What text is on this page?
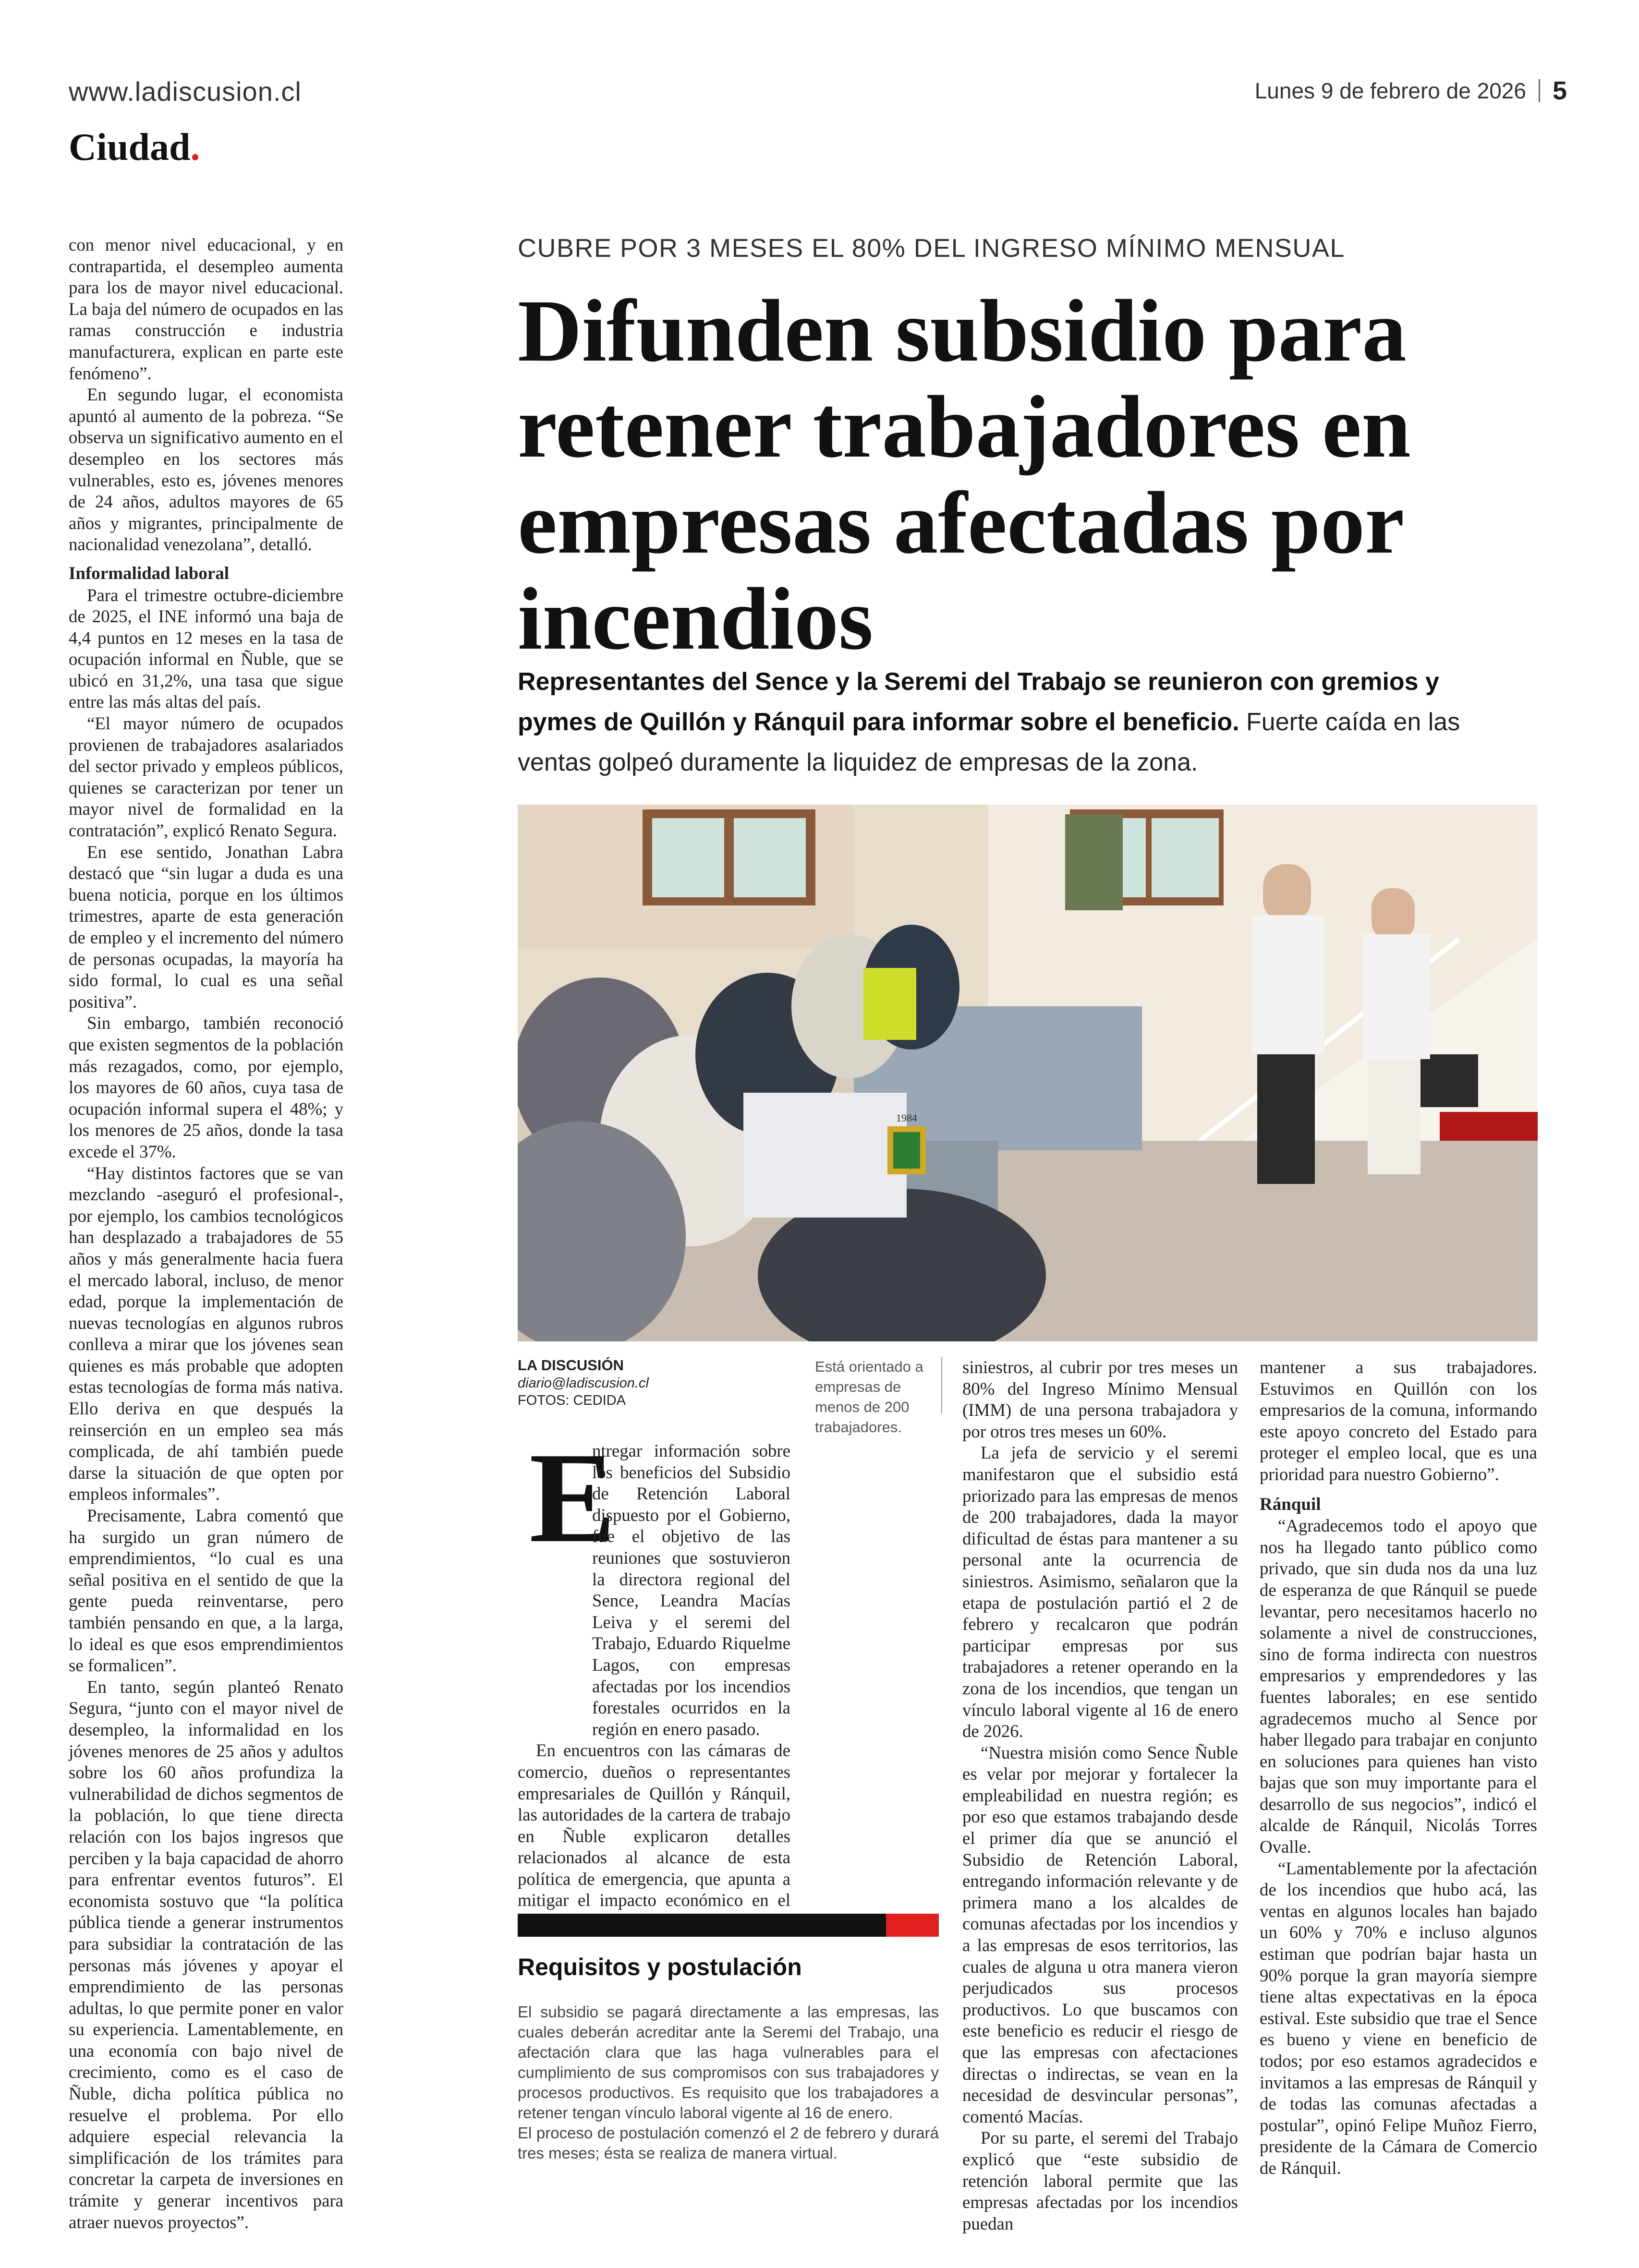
www.ladiscusion.cl	Lunes 9 de febrero de 2026 5
Ciudad.

con menor nivel educacional, y en contrapartida, el desempleo aumenta para los de mayor nivel educacional. La baja del número de ocupados en las ramas construcción e industria manufacturera, explican en parte este fenómeno”.

En segundo lugar, el economista apuntó al aumento de la pobreza. “Se observa un significativo aumento en el desempleo en los sectores más vulnerables, esto es, jóvenes menores de 24 años, adultos mayores de 65 años y migrantes, principalmente de nacionalidad venezolana”, detalló.

Informalidad laboral

Para el trimestre octubre-diciembre de 2025, el INE informó una baja de 4,4 puntos en 12 meses en la tasa de ocupación informal en Ñuble, que se ubicó en 31,2%, una tasa que sigue entre las más altas del país.

“El mayor número de ocupados provienen de trabajadores asalariados del sector privado y empleos públicos, quienes se caracterizan por tener un mayor nivel de formalidad en la contratación”, explicó Renato Segura.

En ese sentido, Jonathan Labra destacó que “sin lugar a duda es una buena noticia, porque en los últimos trimestres, aparte de esta generación de empleo y el incremento del número de personas ocupadas, la mayoría ha sido formal, lo cual es una señal positiva”.

Sin embargo, también reconoció que existen segmentos de la población más rezagados, como, por ejemplo, los mayores de 60 años, cuya tasa de ocupación informal supera el 48%; y los menores de 25 años, donde la tasa excede el 37%.

“Hay distintos factores que se van mezclando -aseguró el profesional-, por ejemplo, los cambios tecnológicos han desplazado a trabajadores de 55 años y más generalmente hacia fuera el mercado laboral, incluso, de menor edad, porque la implementación de nuevas tecnologías en algunos rubros conlleva a mirar que los jóvenes sean quienes es más probable que adopten estas tecnologías de forma más nativa. Ello deriva en que después la reinserción en un empleo sea más complicada, de ahí también puede darse la situación de que opten por empleos informales”.

Precisamente, Labra comentó que ha surgido un gran número de emprendimientos, “lo cual es una señal positiva en el sentido de que la gente pueda reinventarse, pero también pensando en que, a la larga, lo ideal es que esos emprendimientos se formalicen”.

En tanto, según planteó Renato Segura, “junto con el mayor nivel de desempleo, la informalidad en los jóvenes menores de 25 años y adultos sobre los 60 años profundiza la vulnerabilidad de dichos segmentos de la población, lo que tiene directa relación con los bajos ingresos que perciben y la baja capacidad de ahorro para enfrentar eventos futuros”. El economista sostuvo que “la política pública tiende a generar instrumentos para subsidiar la contratación de las personas más jóvenes y apoyar el emprendimiento de las personas adultas, lo que permite poner en valor su experiencia. Lamentablemente, en una economía con bajo nivel de crecimiento, como es el caso de Ñuble, dicha política pública no resuelve el problema. Por ello adquiere especial relevancia la simplificación de los trámites para concretar la carpeta de inversiones en trámite y generar incentivos para atraer nuevos proyectos”.

CUBRE POR 3 MESES EL 80% DEL INGRESO MÍNIMO MENSUAL
Difunden subsidio para retener trabajadores en empresas afectadas por incendios
Representantes del Sence y la Seremi del Trabajo se reunieron con gremios y pymes de Quillón y Ránquil para informar sobre el beneficio. Fuerte caída en las ventas golpeó duramente la liquidez de empresas de la zona.
1984
LA DISCUSIÓN
diario@ladiscusion.cl
FOTOS: CEDIDA
Está orientado a empresas de menos de 200 trabajadores.
E

ntregar información sobre los beneficios del Subsidio de Retención Laboral dispuesto por el Gobierno, fue el objetivo de las reuniones que sostuvieron la directora regional del Sence, Leandra Macías Leiva y el seremi del Trabajo, Eduardo Riquelme Lagos, con empresas afectadas por los incendios forestales ocurridos en la región en enero pasado.

En encuentros con las cámaras de comercio, dueños o representantes empresariales de Quillón y Ránquil, las autoridades de la cartera de trabajo en Ñuble explicaron detalles relacionados al alcance de esta política de emergencia, que apunta a mitigar el impacto económico en el

Requisitos y postulación

El subsidio se pagará directamente a las empresas, las cuales deberán acreditar ante la Seremi del Trabajo, una afectación clara que las haga vulnerables para el cumplimiento de sus compromisos con sus trabajadores y procesos productivos. Es requisito que los trabajadores a retener tengan vínculo laboral vigente al 16 de enero.

El proceso de postulación comenzó el 2 de febrero y durará tres meses; ésta se realiza de manera virtual.

siniestros, al cubrir por tres meses un 80% del Ingreso Mínimo Mensual (IMM) de una persona trabajadora y por otros tres meses un 60%.

La jefa de servicio y el seremi manifestaron que el subsidio está priorizado para las empresas de menos de 200 trabajadores, dada la mayor dificultad de éstas para mantener a su personal ante la ocurrencia de siniestros. Asimismo, señalaron que la etapa de postulación partió el 2 de febrero y recalcaron que podrán participar empresas por sus trabajadores a retener operando en la zona de los incendios, que tengan un vínculo laboral vigente al 16 de enero de 2026.

“Nuestra misión como Sence Ñuble es velar por mejorar y fortalecer la empleabilidad en nuestra región; es por eso que estamos trabajando desde el primer día que se anunció el Subsidio de Retención Laboral, entregando información relevante y de primera mano a los alcaldes de comunas afectadas por los incendios y a las empresas de esos territorios, las cuales de alguna u otra manera vieron perjudicados sus procesos productivos. Lo que buscamos con este beneficio es reducir el riesgo de que las empresas con afectaciones directas o indirectas, se vean en la necesidad de desvincular personas”, comentó Macías.

Por su parte, el seremi del Trabajo explicó que “este subsidio de retención laboral permite que las empresas afectadas por los incendios puedan

mantener a sus trabajadores. Estuvimos en Quillón con los empresarios de la comuna, informando este apoyo concreto del Estado para proteger el empleo local, que es una prioridad para nuestro Gobierno”.

Ránquil

“Agradecemos todo el apoyo que nos ha llegado tanto público como privado, que sin duda nos da una luz de esperanza de que Ránquil se puede levantar, pero necesitamos hacerlo no solamente a nivel de construcciones, sino de forma indirecta con nuestros empresarios y emprendedores y las fuentes laborales; en ese sentido agradecemos mucho al Sence por haber llegado para trabajar en conjunto en soluciones para quienes han visto bajas que son muy importante para el desarrollo de sus negocios”, indicó el alcalde de Ránquil, Nicolás Torres Ovalle.

“Lamentablemente por la afectación de los incendios que hubo acá, las ventas en algunos locales han bajado un 60% y 70% e incluso algunos estiman que podrían bajar hasta un 90% porque la gran mayoría siempre tiene altas expectativas en la época estival. Este subsidio que trae el Sence es bueno y viene en beneficio de todos; por eso estamos agradecidos e invitamos a las empresas de Ránquil y de todas las comunas afectadas a postular”, opinó Felipe Muñoz Fierro, presidente de la Cámara de Comercio de Ránquil.
